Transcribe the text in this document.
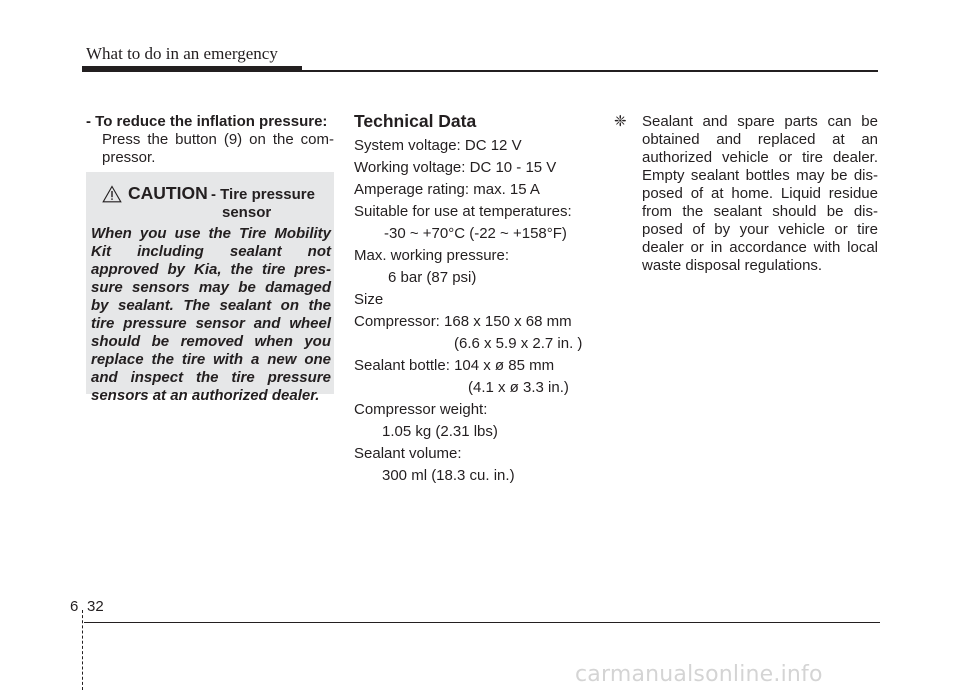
What to do in an emergency
- To reduce the inflation pressure:
Press the button (9) on the com-
pressor.
CAUTION - Tire pressure
sensor
When you use the Tire Mobility
Kit including sealant not
approved by Kia, the tire pres-
sure sensors may be damaged
by sealant. The sealant on the
tire pressure sensor and wheel
should be removed when you
replace the tire with a new one
and inspect the tire pressure
sensors at an authorized dealer.
Technical Data
System voltage: DC 12 V
Working voltage: DC 10 - 15 V
Amperage rating: max. 15 A
Suitable for use at temperatures:
-30 ~ +70°C (-22 ~ +158°F)
Max. working pressure:
6 bar (87 psi)
Size
Compressor: 168 x 150 x 68 mm
(6.6 x 5.9 x 2.7 in. )
Sealant bottle: 104 x ø 85 mm
(4.1 x ø 3.3 in.)
Compressor weight:
1.05 kg (2.31 lbs)
Sealant volume:
300 ml (18.3 cu. in.)
❈ Sealant and spare parts can be
obtained and replaced at an
authorized vehicle or tire dealer.
Empty sealant bottles may be dis-
posed of at home. Liquid residue
from the sealant should be dis-
posed of by your vehicle or tire
dealer or in accordance with local
waste disposal regulations.
6 32
carmanualsonline.info
